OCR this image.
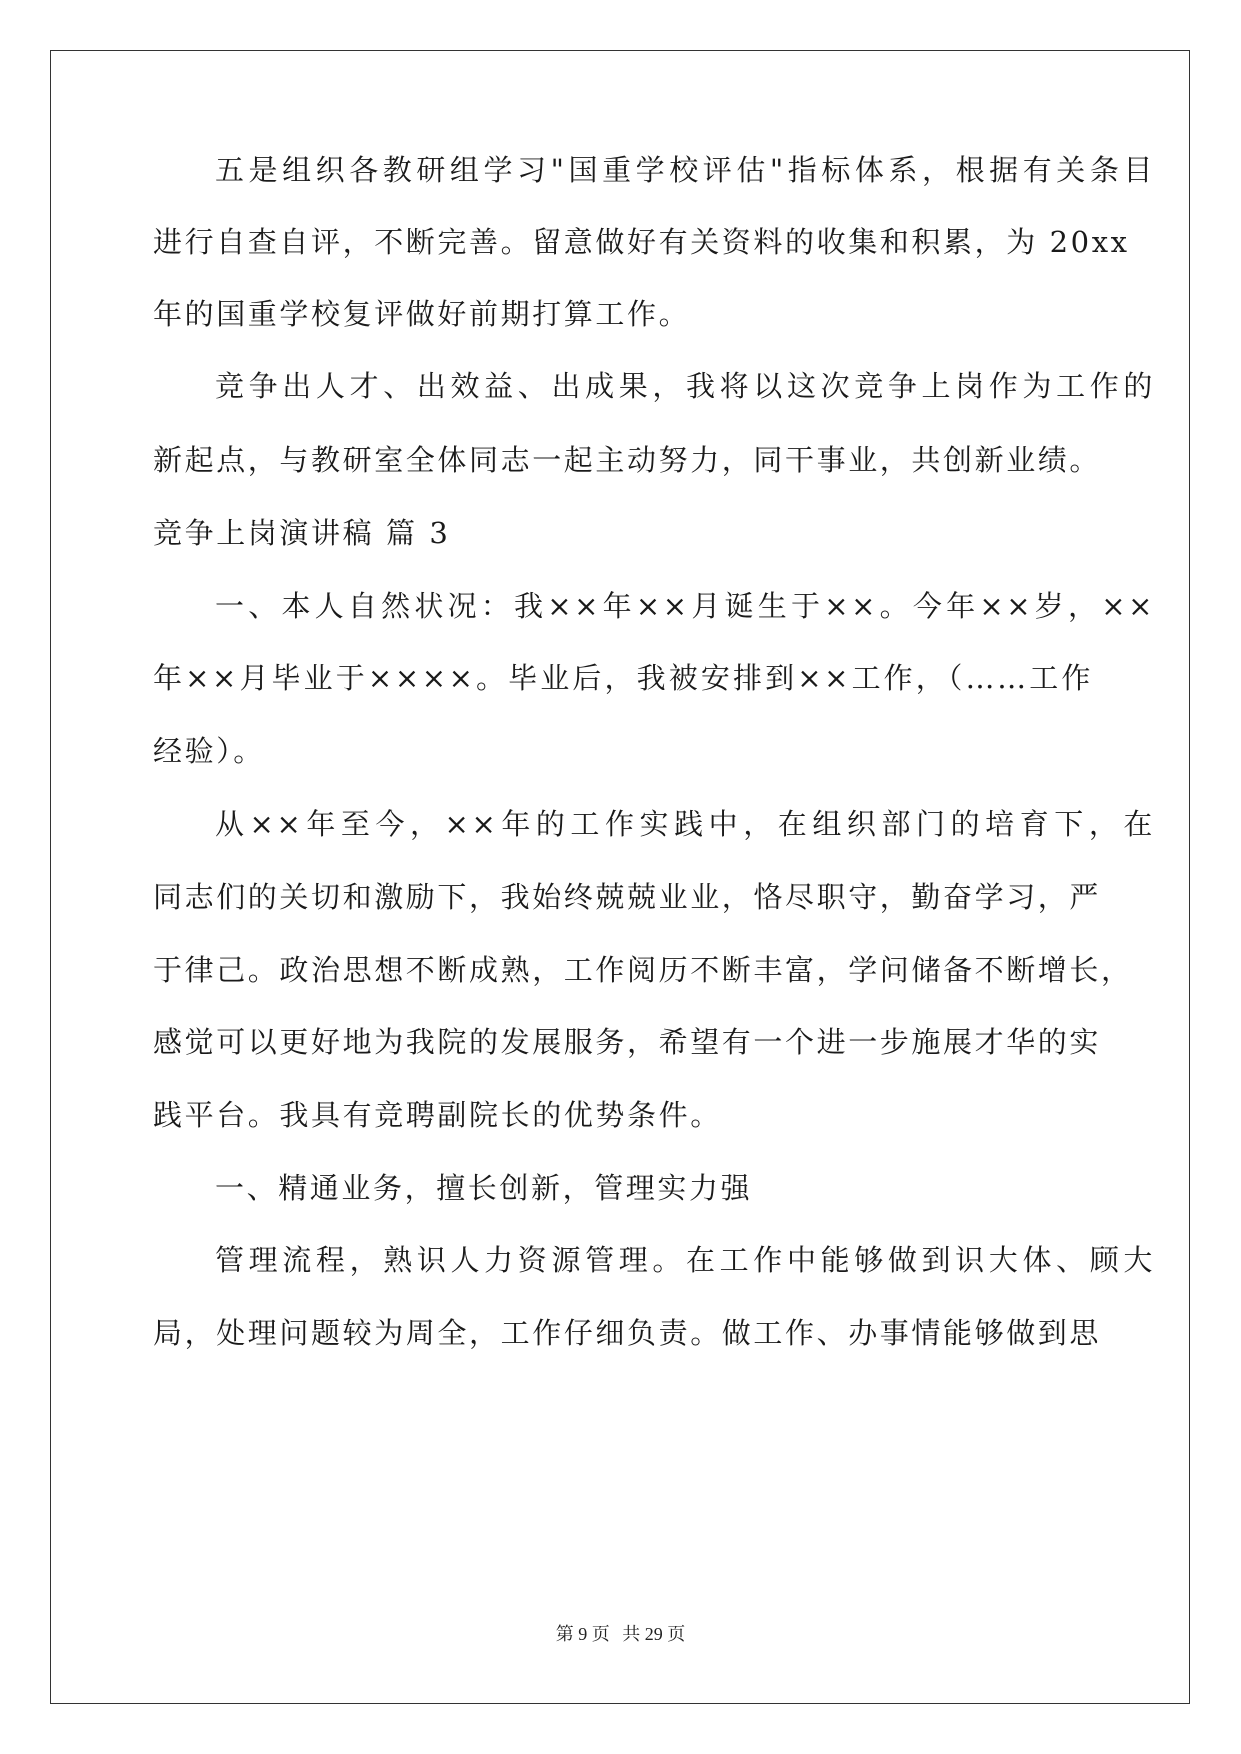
五是组织各教研组学习"国重学校评估"指标体系，根据有关条目
进行自查自评，不断完善。留意做好有关资料的收集和积累，为 20xx
年的国重学校复评做好前期打算工作。
竞争出人才、出效益、出成果，我将以这次竞争上岗作为工作的
新起点，与教研室全体同志一起主动努力，同干事业，共创新业绩。
竞争上岗演讲稿 篇 3
一、本人自然状况：我××年××月诞生于××。今年××岁，××
年××月毕业于××××。毕业后，我被安排到××工作，（……工作
经验）。
从××年至今，××年的工作实践中，在组织部门的培育下，在
同志们的关切和激励下，我始终兢兢业业，恪尽职守，勤奋学习，严
于律己。政治思想不断成熟，工作阅历不断丰富，学问储备不断增长，
感觉可以更好地为我院的发展服务，希望有一个进一步施展才华的实
践平台。我具有竞聘副院长的优势条件。
一、精通业务，擅长创新，管理实力强
管理流程，熟识人力资源管理。在工作中能够做到识大体、顾大
局，处理问题较为周全，工作仔细负责。做工作、办事情能够做到思
第 9 页 共 29 页
